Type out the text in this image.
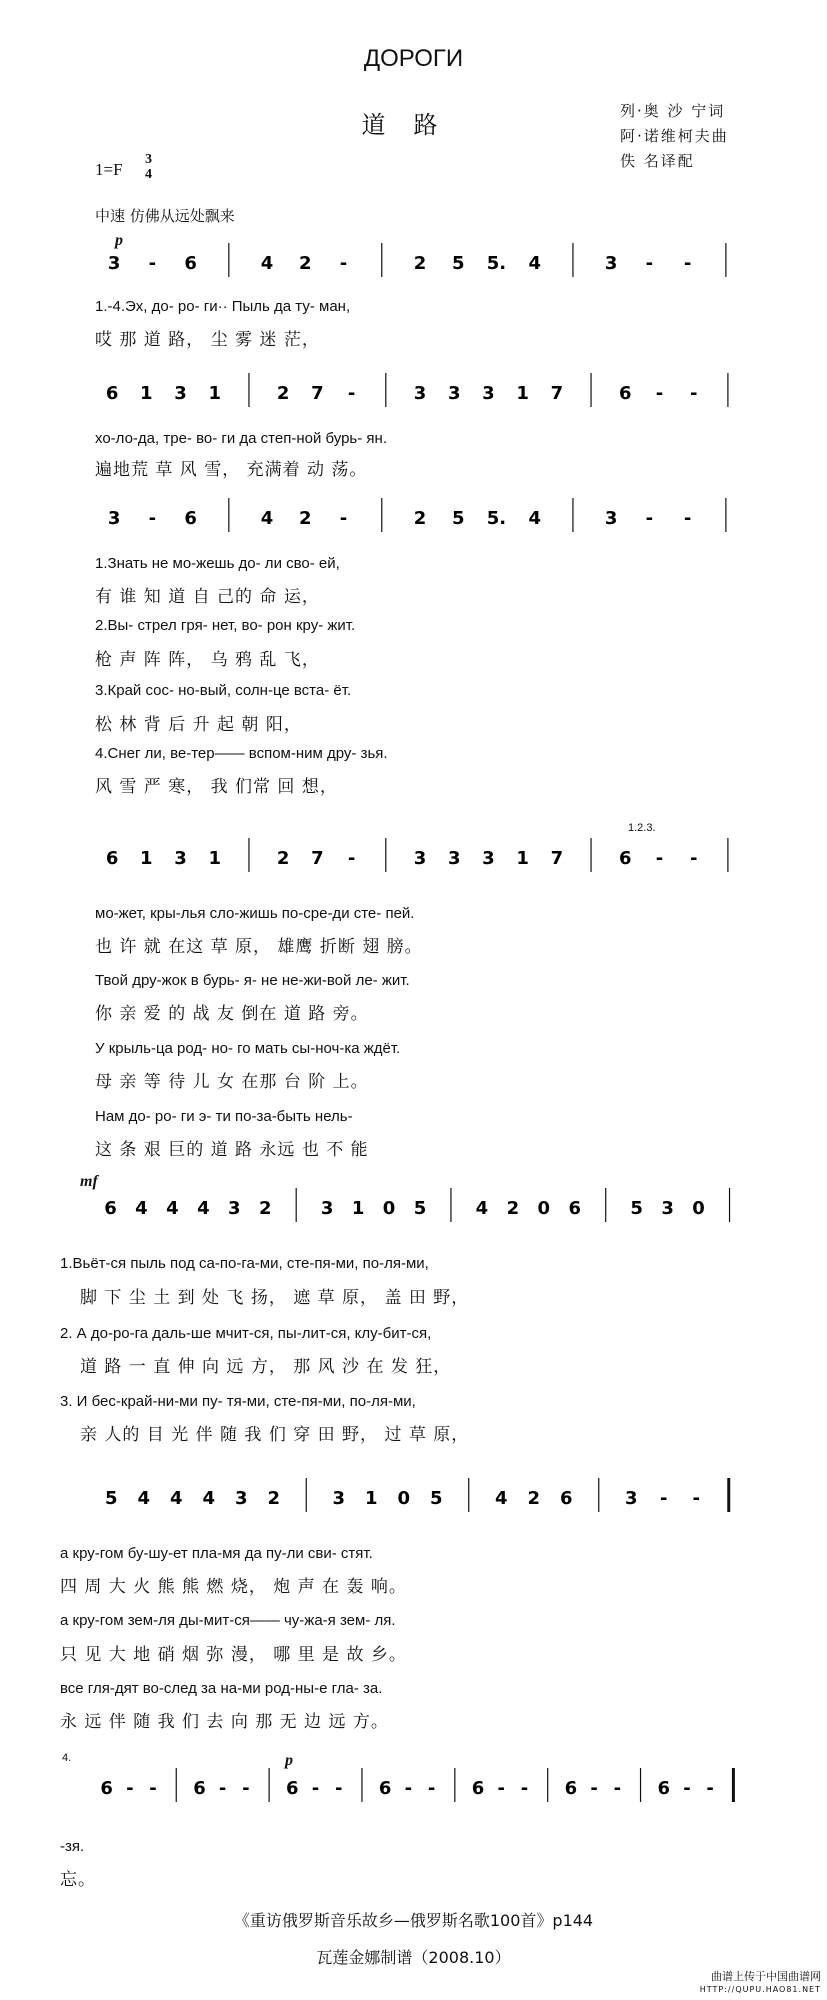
ДОРОГИ
道路	列·奥 沙 宁词
阿·诺维柯夫曲
佚 名译配
1=F
3
4
中速 仿佛从远处飘来
3 - 6	4 2 -	2 5 5. 4	3 - -
p
1.-4.Эх, до- ро- ги·· Пыль да ту- ман,
哎 那 道 路， 尘 雾 迷 茫，
6 1 3 1	2 7 -	3 3 3 1 7	6 - -
хо-ло-да, тре- во- ги да степ-ной бурь- ян.
遍地荒 草 风 雪， 充满着 动 荡。
3 - 6	4 2 -	2 5 5. 4	3 - -
1.Знать не мо-жешь до- ли сво- ей,
有 谁 知 道 自 己的 命 运，
2.Вы- стрел гря- нет, во- рон кру- жит.
枪 声 阵 阵， 乌 鸦 乱 飞，
3.Край сос- но-вый, солн-це вста- ёт.
松 林 背 后 升 起 朝 阳，
4.Снег ли, ве-тер—— вспом-ним дру- зья.
风 雪 严 寒， 我 们常 回 想，
6 1 3 1	2 7 -	3 3 3 1 7	6 - -
1.2.3.
мо-жет, кры-лья сло-жишь по-сре-ди сте- пей.
也 许 就 在这 草 原， 雄鹰 折断 翅 膀。
Твой дру-жок в бурь- я- не не-жи-вой ле- жит.
你 亲 爱 的 战 友 倒在 道 路 旁。
У крыль-ца род- но- го мать сы-ноч-ка ждёт.
母 亲 等 待 儿 女 在那 台 阶 上。
Нам до- ро- ги э- ти по-за-быть нель-
这 条 艰 巨的 道 路 永远 也 不 能
6 4 4 4 3 2	3 1 0 5	4 2 0 6	5 3 0
mf
1.Вьёт-ся пыль под са-по-га-ми, сте-пя-ми, по-ля-ми,
脚 下 尘 土 到 处 飞 扬， 遮 草 原， 盖 田 野，
2. А до-ро-га даль-ше мчит-ся, пы-лит-ся, клу-бит-ся,
道 路 一 直 伸 向 远 方， 那 风 沙 在 发 狂，
3. И бес-край-ни-ми пу- тя-ми, сте-пя-ми, по-ля-ми,
亲 人的 目 光 伴 随 我 们 穿 田 野， 过 草 原，
5 4 4 4 3 2	3 1 0 5	4 2 6	3 - -
а кру-гом бу-шу-ет пла-мя да пу-ли сви- стят.
四 周 大 火 熊 熊 燃 烧， 炮 声 在 轰 响。
а кру-гом зем-ля ды-мит-ся—— чу-жа-я зем- ля.
只 见 大 地 硝 烟 弥 漫， 哪 里 是 故 乡。
все гля-дят во-след за на-ми род-ны-е гла- за.
永 远 伴 随 我 们 去 向 那 无 边 远 方。
6 - - 6 - - 6 - - 6 - - 6 - - 6 - - 6 - -
4.	p
-зя.
忘。
《重访俄罗斯音乐故乡—俄罗斯名歌100首》p144
瓦莲金娜制谱（2008.10）
曲谱上传于中国曲谱网
HTTP://QUPU.HAO81.NET
